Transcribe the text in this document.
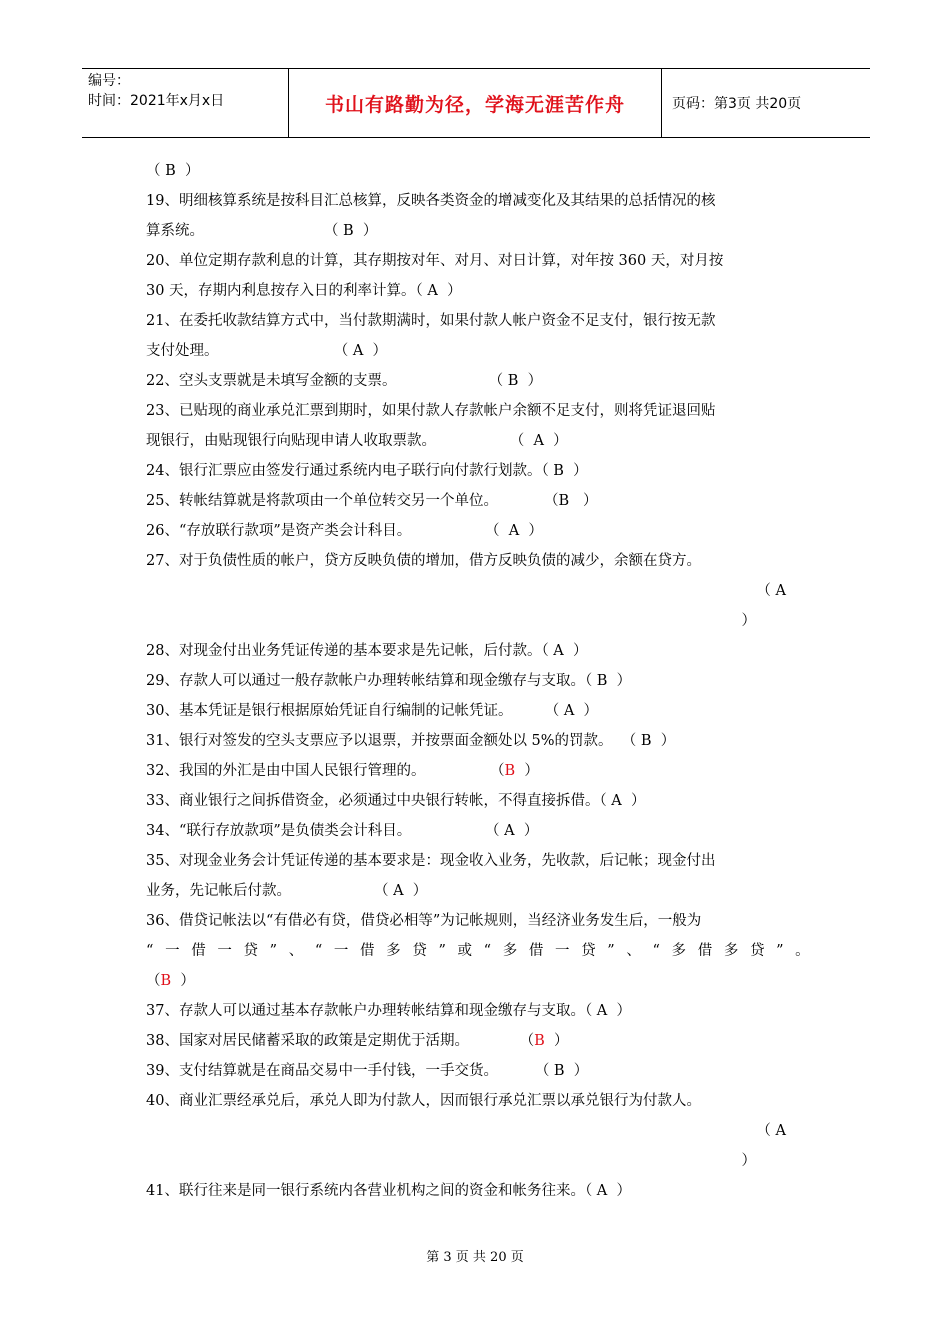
编号：
时间：2021年x月x日	书山有路勤为径，学海无涯苦作舟	页码：第3页 共20页
（ B  ）
19、明细核算系统是按科目汇总核算，反映各类资金的增减变化及其结果的总括情况的核
算系统。                          （ B  ）
20、单位定期存款利息的计算，其存期按对年、对月、对日计算，对年按 360 天，对月按
30 天，存期内利息按存入日的利率计算。（ A  ）
21、在委托收款结算方式中，当付款期满时，如果付款人帐户资金不足支付，银行按无款
支付处理。                         （ A  ）
22、空头支票就是未填写金额的支票。                    （ B  ）
23、已贴现的商业承兑汇票到期时，如果付款人存款帐户余额不足支付，则将凭证退回贴
现银行，由贴现银行向贴现申请人收取票款。                （  A  ）
24、银行汇票应由签发行通过系统内电子联行向付款行划款。（ B  ）
25、转帐结算就是将款项由一个单位转交另一个单位。          （B   ）
26、“存放联行款项”是资产类会计科目。                （  A  ）
27、对于负债性质的帐户，贷方反映负债的增加，借方反映负债的减少，余额在贷方。
（ A
）
28、对现金付出业务凭证传递的基本要求是先记帐，后付款。（ A  ）
29、存款人可以通过一般存款帐户办理转帐结算和现金缴存与支取。（ B  ）
30、基本凭证是银行根据原始凭证自行编制的记帐凭证。       （ A  ）
31、银行对签发的空头支票应予以退票，并按票面金额处以 5%的罚款。  （ B  ）
32、我国的外汇是由中国人民银行管理的。              （B  ）
33、商业银行之间拆借资金，必须通过中央银行转帐，不得直接拆借。（ A  ）
34、“联行存放款项”是负债类会计科目。                （ A  ）
35、对现金业务会计凭证传递的基本要求是：现金收入业务，先收款，后记帐；现金付出
业务，先记帐后付款。                  （ A  ）
36、借贷记帐法以“有借必有贷，借贷必相等”为记帐规则，当经济业务发生后，一般为
“ 一 借 一 贷 ” 、 “ 一 借 多 贷 ” 或 “ 多 借 一 贷 ” 、 “ 多 借 多 贷 ” 。
（B  ）
37、存款人可以通过基本存款帐户办理转帐结算和现金缴存与支取。（ A  ）
38、国家对居民储蓄采取的政策是定期优于活期。           （B  ）
39、支付结算就是在商品交易中一手付钱，一手交货。        （ B  ）
40、商业汇票经承兑后，承兑人即为付款人，因而银行承兑汇票以承兑银行为付款人。
（ A
）
41、联行往来是同一银行系统内各营业机构之间的资金和帐务往来。（ A  ）
第 3 页 共 20 页
